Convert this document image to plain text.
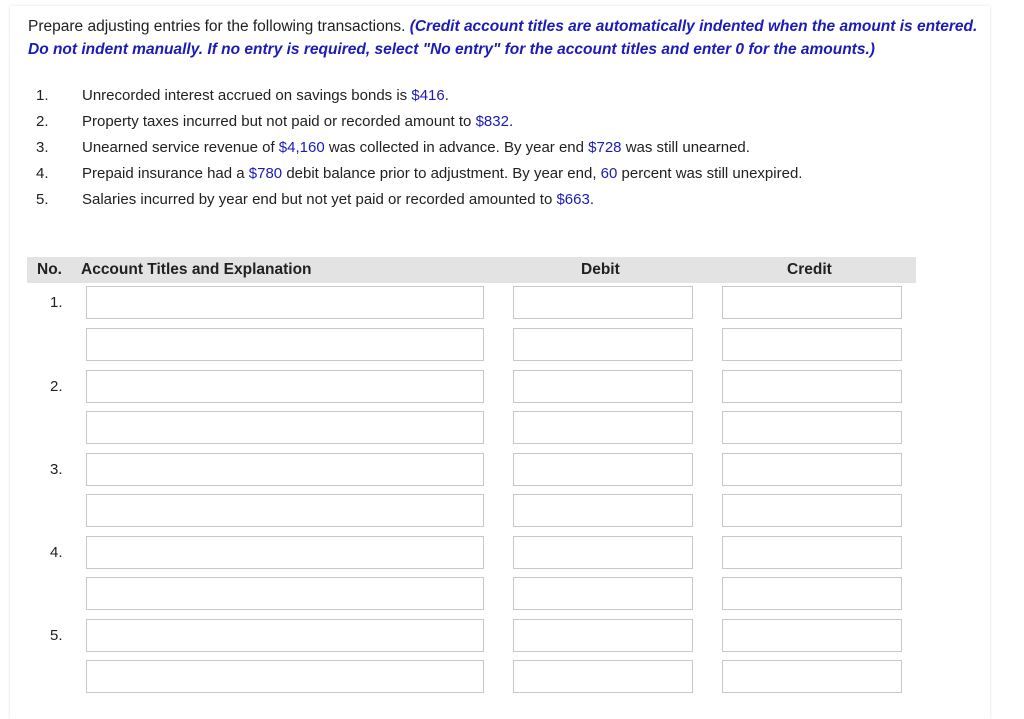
Prepare adjusting entries for the following transactions. (Credit account titles are automatically indented when the amount is entered. Do not indent manually. If no entry is required, select "No entry" for the account titles and enter 0 for the amounts.)
1. Unrecorded interest accrued on savings bonds is $416.
2. Property taxes incurred but not paid or recorded amount to $832.
3. Unearned service revenue of $4,160 was collected in advance. By year end $728 was still unearned.
4. Prepaid insurance had a $780 debit balance prior to adjustment. By year end, 60 percent was still unexpired.
5. Salaries incurred by year end but not yet paid or recorded amounted to $663.
No. Account Titles and Explanation	Debit	Credit
1.
2.
3.
4.
5.
